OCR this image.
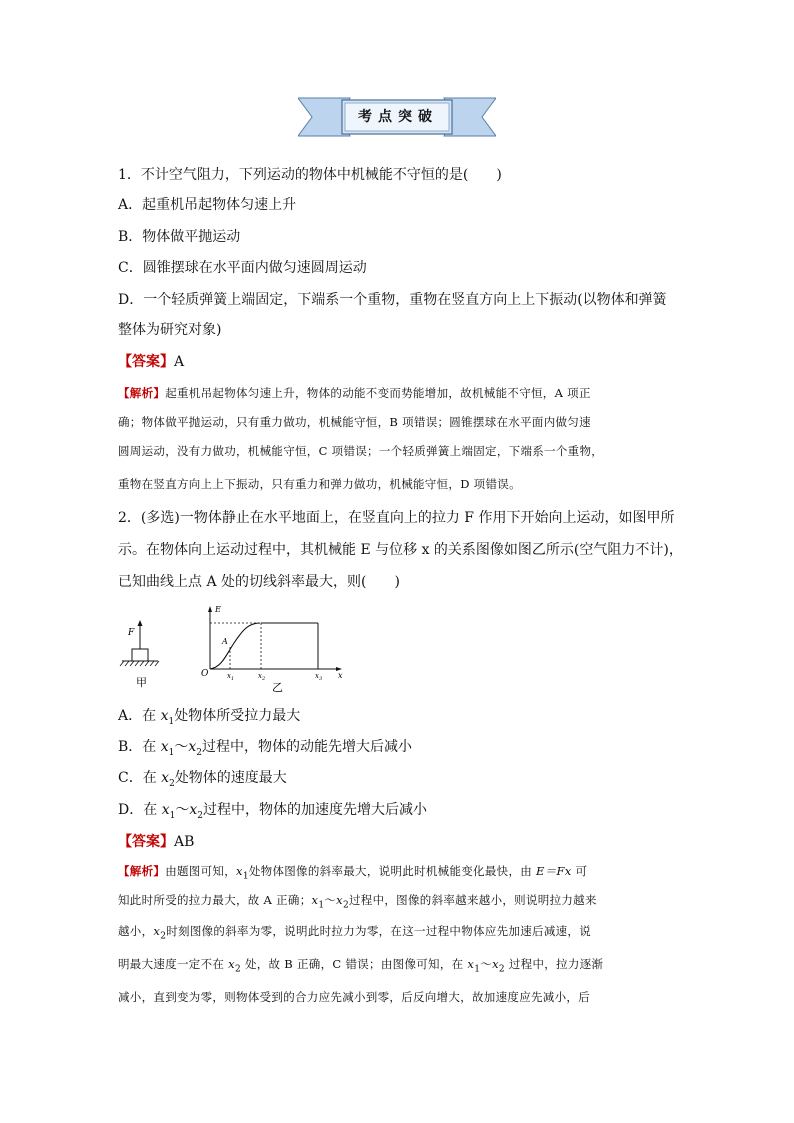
考点突破
1．不计空气阻力，下列运动的物体中机械能不守恒的是(　　)
A．起重机吊起物体匀速上升
B．物体做平抛运动
C．圆锥摆球在水平面内做匀速圆周运动
D．一个轻质弹簧上端固定，下端系一个重物，重物在竖直方向上上下振动(以物体和弹簧
整体为研究对象)
【答案】A
【解析】起重机吊起物体匀速上升，物体的动能不变而势能增加，故机械能不守恒，A 项正
确；物体做平抛运动，只有重力做功，机械能守恒，B 项错误；圆锥摆球在水平面内做匀速
圆周运动，没有力做功，机械能守恒，C 项错误；一个轻质弹簧上端固定，下端系一个重物，
重物在竖直方向上上下振动，只有重力和弹力做功，机械能守恒，D 项错误。
2．(多选)一物体静止在水平地面上，在竖直向上的拉力 F 作用下开始向上运动，如图甲所
示。在物体向上运动过程中，其机械能 E 与位移 x 的关系图像如图乙所示(空气阻力不计)，
已知曲线上点 A 处的切线斜率最大，则(　　)
F
甲
E
x
O
A
$x_1$	$x_2$	$x_3$
乙
A．在 $x_1$处物体所受拉力最大
B．在 $x_1\sim x_2$过程中，物体的动能先增大后减小
C．在 $x_2$处物体的速度最大
D．在 $x_1\sim x_2$过程中，物体的加速度先增大后减小
【答案】AB
【解析】由题图可知，$x_1$处物体图像的斜率最大，说明此时机械能变化最快，由 E＝Fx 可
知此时所受的拉力最大，故 A 正确；$x_1\sim x_2$过程中，图像的斜率越来越小，则说明拉力越来
越小，$x_2$时刻图像的斜率为零，说明此时拉力为零，在这一过程中物体应先加速后减速，说
明最大速度一定不在 $x_2$ 处，故 B 正确，C 错误；由图像可知，在 $x_1\sim x_2$ 过程中，拉力逐渐
减小，直到变为零，则物体受到的合力应先减小到零，后反向增大，故加速度应先减小，后
